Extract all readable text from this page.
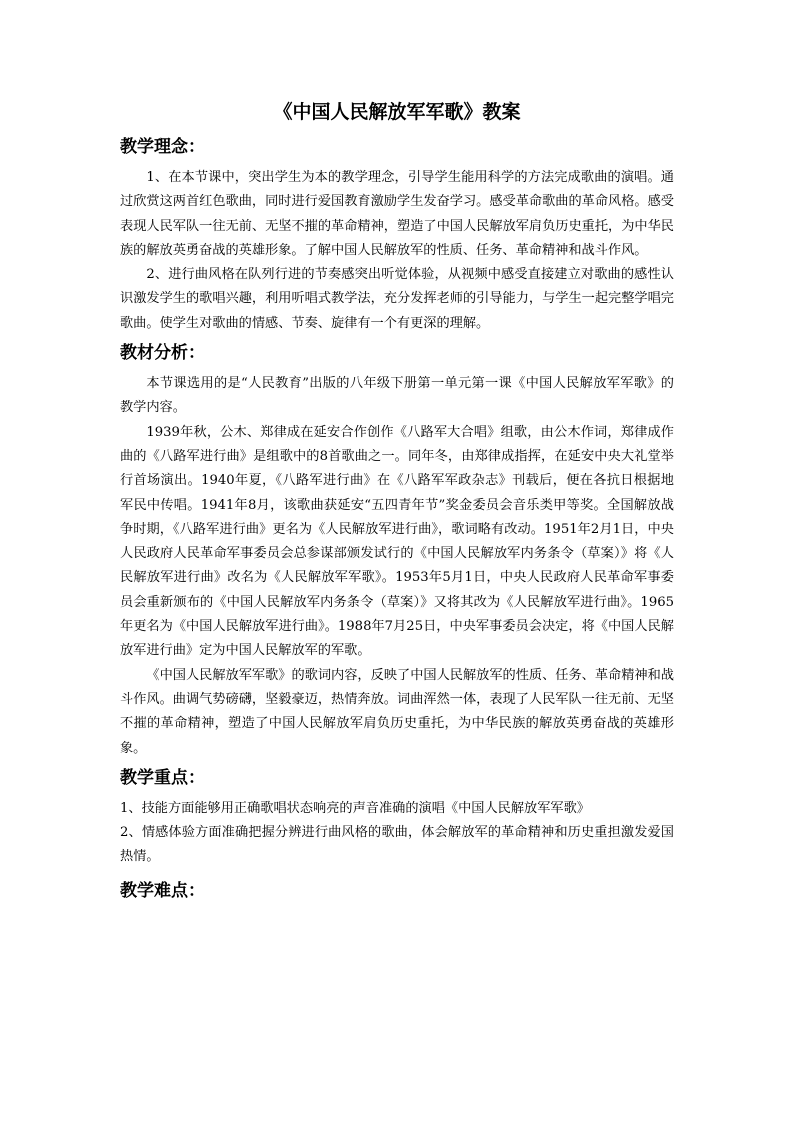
《中国人民解放军军歌》教案
教学理念：

1、在本节课中，突出学生为本的教学理念，引导学生能用科学的方法完成歌曲的演唱。通过欣赏这两首红色歌曲，同时进行爱国教育激励学生发奋学习。感受革命歌曲的革命风格。感受表现人民军队一往无前、无坚不摧的革命精神，塑造了中国人民解放军肩负历史重托，为中华民族的解放英勇奋战的英雄形象。了解中国人民解放军的性质、任务、革命精神和战斗作风。

2、进行曲风格在队列行进的节奏感突出听觉体验，从视频中感受直接建立对歌曲的感性认识激发学生的歌唱兴趣，利用听唱式教学法，充分发挥老师的引导能力，与学生一起完整学唱完歌曲。使学生对歌曲的情感、节奏、旋律有一个有更深的理解。

教材分析：

本节课选用的是“人民教育”出版的八年级下册第一单元第一课《中国人民解放军军歌》的教学内容。

1939年秋，公木、郑律成在延安合作创作《八路军大合唱》组歌，由公木作词，郑律成作曲的《八路军进行曲》是组歌中的8首歌曲之一。同年冬，由郑律成指挥，在延安中央大礼堂举行首场演出。1940年夏，《八路军进行曲》在《八路军军政杂志》刊载后，便在各抗日根据地军民中传唱。1941年8月，该歌曲获延安“五四青年节”奖金委员会音乐类甲等奖。全国解放战争时期，《八路军进行曲》更名为《人民解放军进行曲》，歌词略有改动。1951年2月1日，中央人民政府人民革命军事委员会总参谋部颁发试行的《中国人民解放军内务条令（草案）》将《人民解放军进行曲》改名为《人民解放军军歌》。1953年5月1日，中央人民政府人民革命军事委员会重新颁布的《中国人民解放军内务条令（草案）》又将其改为《人民解放军进行曲》。1965年更名为《中国人民解放军进行曲》。1988年7月25日，中央军事委员会决定，将《中国人民解放军进行曲》定为中国人民解放军的军歌。

《中国人民解放军军歌》的歌词内容，反映了中国人民解放军的性质、任务、革命精神和战斗作风。曲调气势磅礴，坚毅豪迈，热情奔放。词曲浑然一体，表现了人民军队一往无前、无坚不摧的革命精神，塑造了中国人民解放军肩负历史重托，为中华民族的解放英勇奋战的英雄形象。

教学重点：

1、技能方面能够用正确歌唱状态响亮的声音准确的演唱《中国人民解放军军歌》

2、情感体验方面准确把握分辨进行曲风格的歌曲，体会解放军的革命精神和历史重担激发爱国热情。

教学难点：
